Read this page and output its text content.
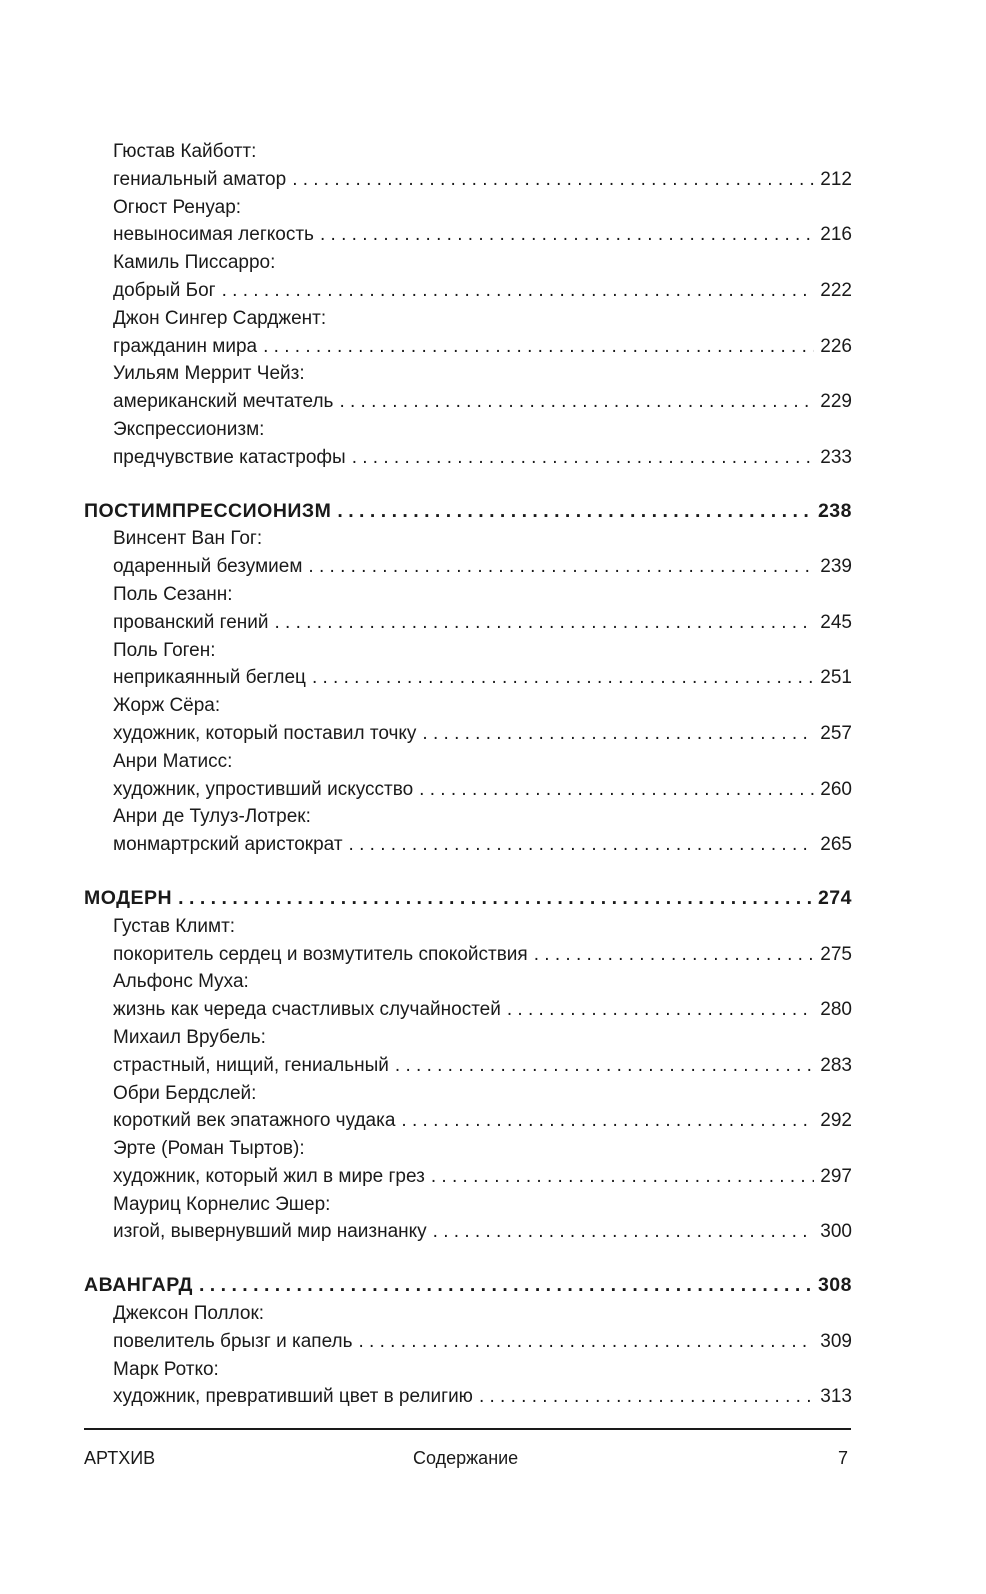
Гюстав Кайботт:
гениальный аматор . . .	212
Огюст Ренуар:
невыносимая легкость . . .	216
Камиль Писсарро:
добрый Бог . . .	222
Джон Сингер Сарджент:
гражданин мира . . .	226
Уильям Меррит Чейз:
американский мечтатель . . .	229
Экспрессионизм:
предчувствие катастрофы . . .	233
ПОСТИМПРЕССИОНИЗМ . . .	238
Винсент Ван Гог:
одаренный безумием . . .	239
Поль Сезанн:
прованский гений . . .	245
Поль Гоген:
неприкаянный беглец . . .	251
Жорж Сёра:
художник, который поставил точку . . .	257
Анри Матисс:
художник, упростивший искусство . . .	260
Анри де Тулуз-Лотрек:
монмартрский аристократ . . .	265
МОДЕРН . . .	274
Густав Климт:
покоритель сердец и возмутитель спокойствия . . .	275
Альфонс Муха:
жизнь как череда счастливых случайностей . . .	280
Михаил Врубель:
страстный, нищий, гениальный . . .	283
Обри Бердслей:
короткий век эпатажного чудака . . .	292
Эрте (Роман Тыртов):
художник, который жил в мире грез . . .	297
Мауриц Корнелис Эшер:
изгой, вывернувший мир наизнанку . . .	300
АВАНГАРД . . .	308
Джексон Поллок:
повелитель брызг и капель . . .	309
Марк Ротко:
художник, превративший цвет в религию . . .	313
АРТХИВ	Содержание	7
